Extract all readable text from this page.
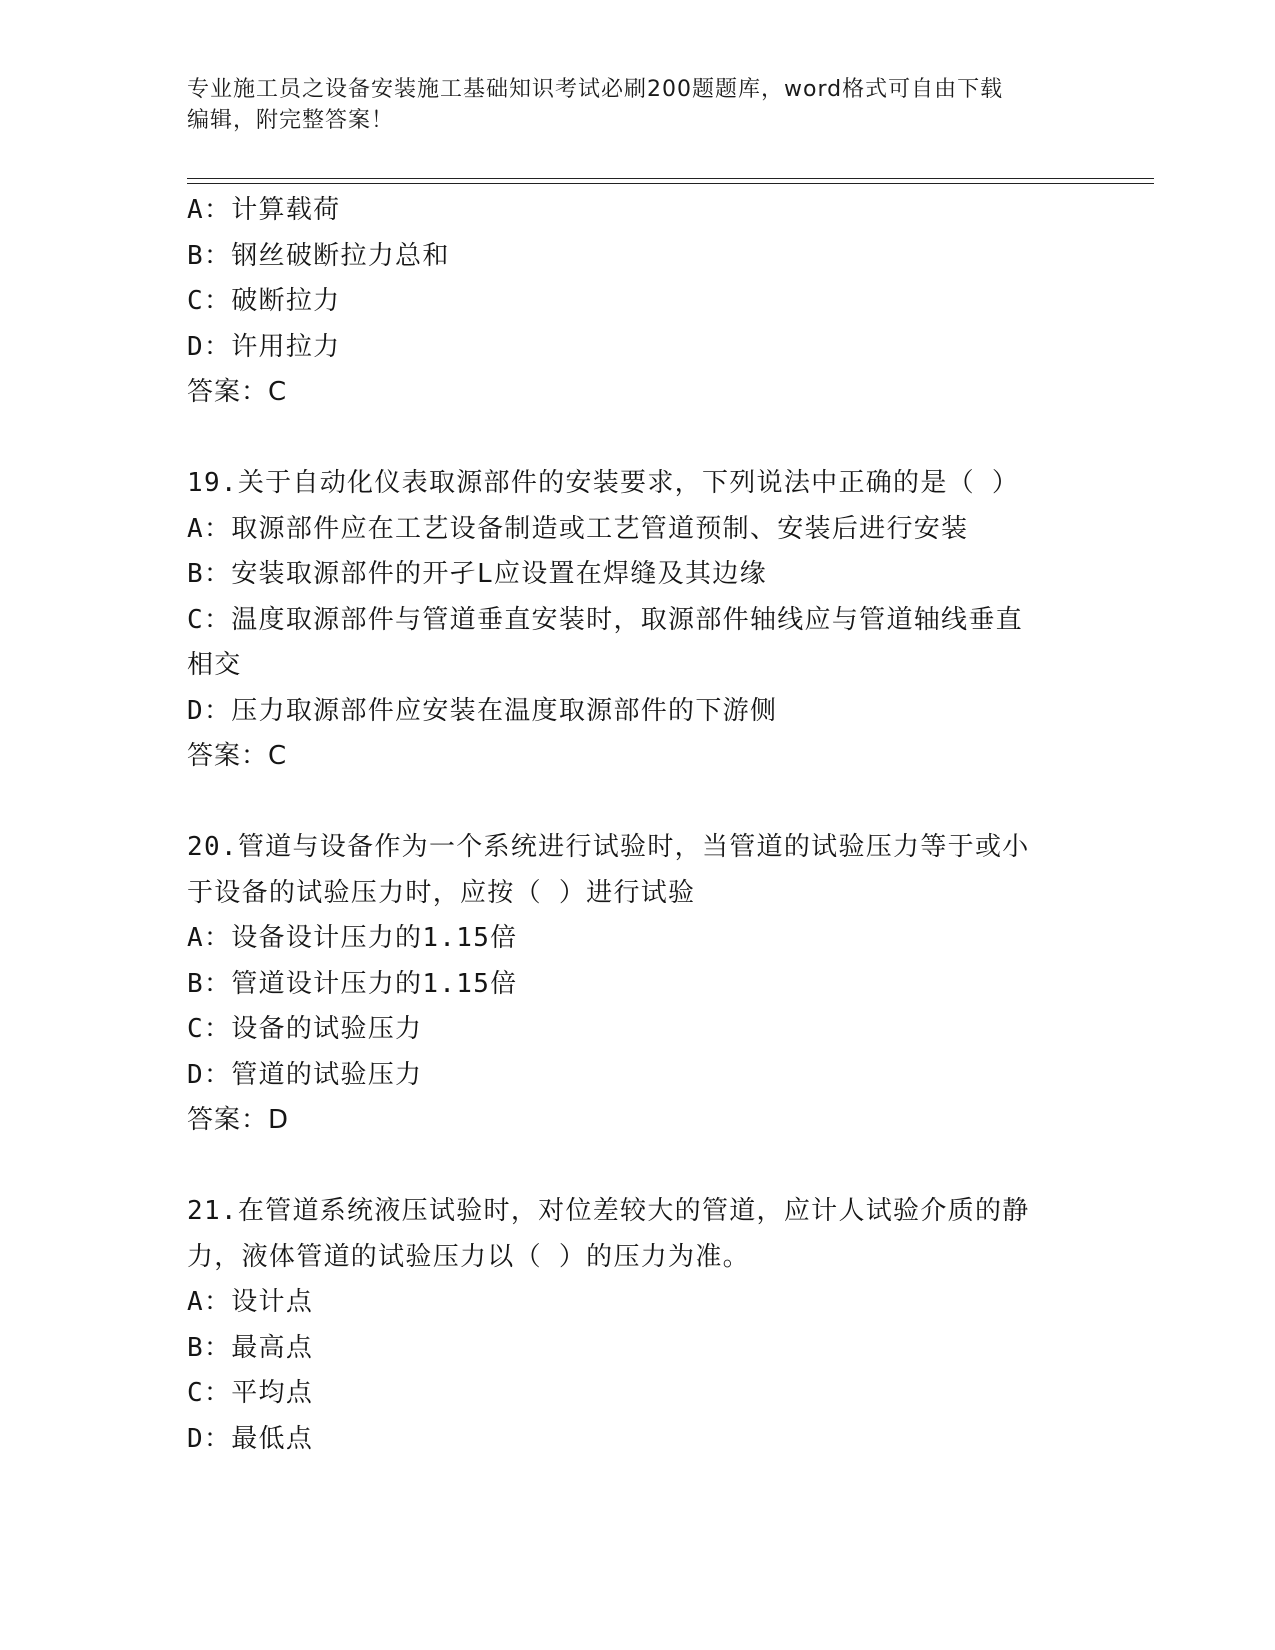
专业施工员之设备安装施工基础知识考试必刷200题题库，word格式可自由下载
编辑，附完整答案！
A：计算载荷
B：钢丝破断拉力总和
C：破断拉力
D：许用拉力
答案：C
19.关于自动化仪表取源部件的安装要求，下列说法中正确的是（ ）
A：取源部件应在工艺设备制造或工艺管道预制、安装后进行安装
B：安装取源部件的开孑L应设置在焊缝及其边缘
C：温度取源部件与管道垂直安装时，取源部件轴线应与管道轴线垂直
相交
D：压力取源部件应安装在温度取源部件的下游侧
答案：C
20.管道与设备作为一个系统进行试验时，当管道的试验压力等于或小
于设备的试验压力时，应按（ ）进行试验
A：设备设计压力的1.15倍
B：管道设计压力的1.15倍
C：设备的试验压力
D：管道的试验压力
答案：D
21.在管道系统液压试验时，对位差较大的管道，应计人试验介质的静
力，液体管道的试验压力以（ ）的压力为准。
A：设计点
B：最高点
C：平均点
D：最低点
